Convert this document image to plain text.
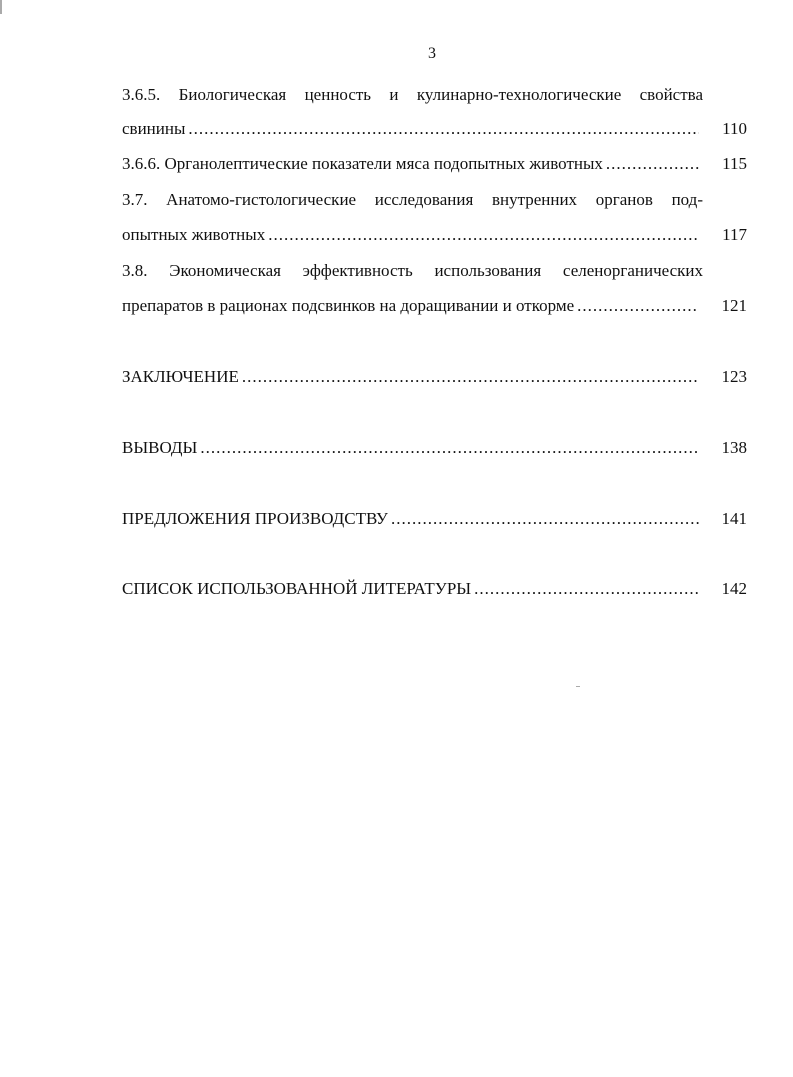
3
3.6.5. Биологическая ценность и кулинарно-технологические свойства
свинины .....	110
3.6.6. Органолептические показатели мяса подопытных животных .....	115
3.7. Анатомо-гистологические исследования внутренних органов под-
опытных животных .....	117
3.8. Экономическая эффективность использования селенорганических
препаратов в рационах подсвинков на доращивании и откорме .....	121
ЗАКЛЮЧЕНИЕ .....	123
ВЫВОДЫ .....	138
ПРЕДЛОЖЕНИЯ ПРОИЗВОДСТВУ .....	141
СПИСОК ИСПОЛЬЗОВАННОЙ ЛИТЕРАТУРЫ .....	142
